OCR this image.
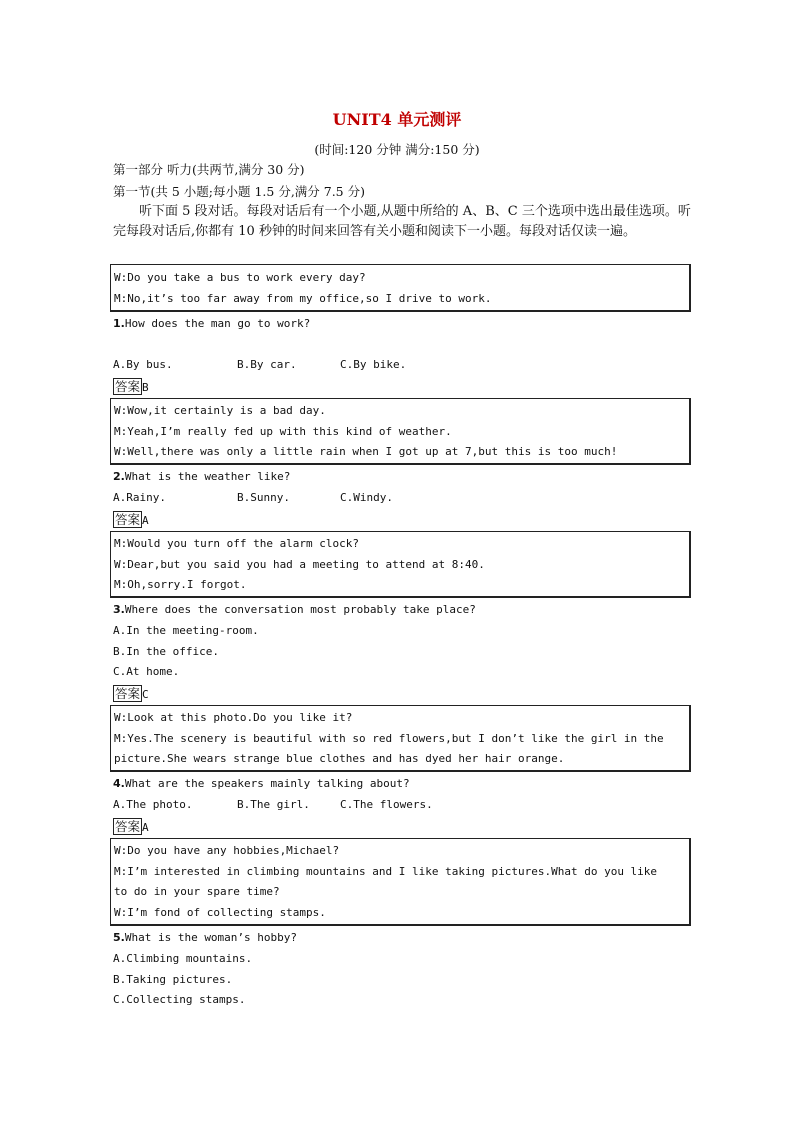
UNIT4 单元测评
(时间:120 分钟 满分:150 分)
第一部分 听力(共两节,满分 30 分)
第一节(共 5 小题;每小题 1.5 分,满分 7.5 分)
听下面 5 段对话。每段对话后有一个小题,从题中所给的 A、B、C 三个选项中选出最佳选项。听完每段对话后,你都有 10 秒钟的时间来回答有关小题和阅读下一小题。每段对话仅读一遍。
W:Do you take a bus to work every day?
M:No,it’s too far away from my office,so I drive to work.
1.How does the man go to work?
A.By bus.	B.By car.	C.By bike.
答案 B
W:Wow,it certainly is a bad day.
M:Yeah,I’m really fed up with this kind of weather.
W:Well,there was only a little rain when I got up at 7,but this is too much!
2.What is the weather like?
A.Rainy.	B.Sunny.	C.Windy.
答案 A
M:Would you turn off the alarm clock?
W:Dear,but you said you had a meeting to attend at 8:40.
M:Oh,sorry.I forgot.
3.Where does the conversation most probably take place?
A.In the meeting-room.
B.In the office.
C.At home.
答案 C
W:Look at this photo.Do you like it?
M:Yes.The scenery is beautiful with so red flowers,but I don’t like the girl in the
picture.She wears strange blue clothes and has dyed her hair orange.
4.What are the speakers mainly talking about?
A.The photo.	B.The girl.	C.The flowers.
答案 A
W:Do you have any hobbies,Michael?
M:I’m interested in climbing mountains and I like taking pictures.What do you like
to do in your spare time?
W:I’m fond of collecting stamps.
5.What is the woman’s hobby?
A.Climbing mountains.
B.Taking pictures.
C.Collecting stamps.
